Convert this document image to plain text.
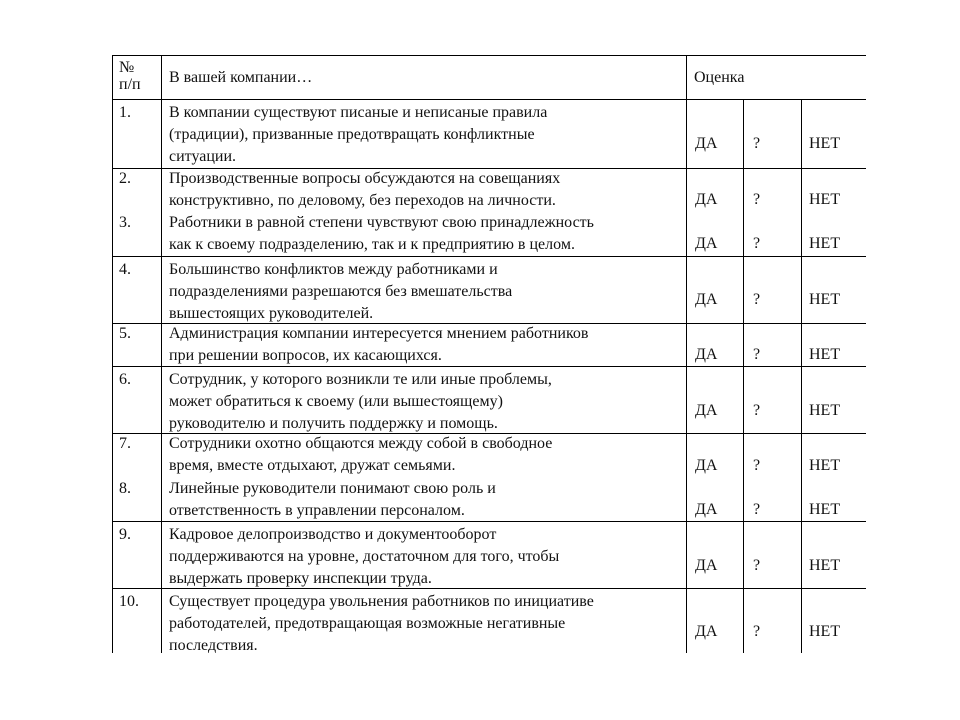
№ п/п	В вашей компании…	Оценка
1. В компании существуют писаные и неписаные правила
(традиции), призванные предотвращать конфликтные
ситуации.
ДА ?	НЕТ
2. Производственные вопросы обсуждаются на совещаниях
конструктивно, по деловому, без переходов на личности.	ДА ?	НЕТ
3. Работники в равной степени чувствуют свою принадлежность
как к своему подразделению, так и к предприятию в целом.	ДА ?	НЕТ
4. Большинство конфликтов между работниками и
подразделениями разрешаются без вмешательства
вышестоящих руководителей.
ДА ?	НЕТ
5. Администрация компании интересуется мнением работников
при решении вопросов, их касающихся.	ДА ?	НЕТ
6. Сотрудник, у которого возникли те или иные проблемы,
может обратиться к своему (или вышестоящему)
руководителю и получить поддержку и помощь.
ДА ?	НЕТ
7. Сотрудники охотно общаются между собой в свободное
время, вместе отдыхают, дружат семьями.	ДА ?	НЕТ
8. Линейные руководители понимают свою роль и
ответственность в управлении персоналом.	ДА ?	НЕТ
9. Кадровое делопроизводство и документооборот
поддерживаются на уровне, достаточном для того, чтобы
выдержать проверку инспекции труда.
ДА ?	НЕТ
10. Существует процедура увольнения работников по инициативе
работодателей, предотвращающая возможные негативные
последствия.
ДА ?	НЕТ
